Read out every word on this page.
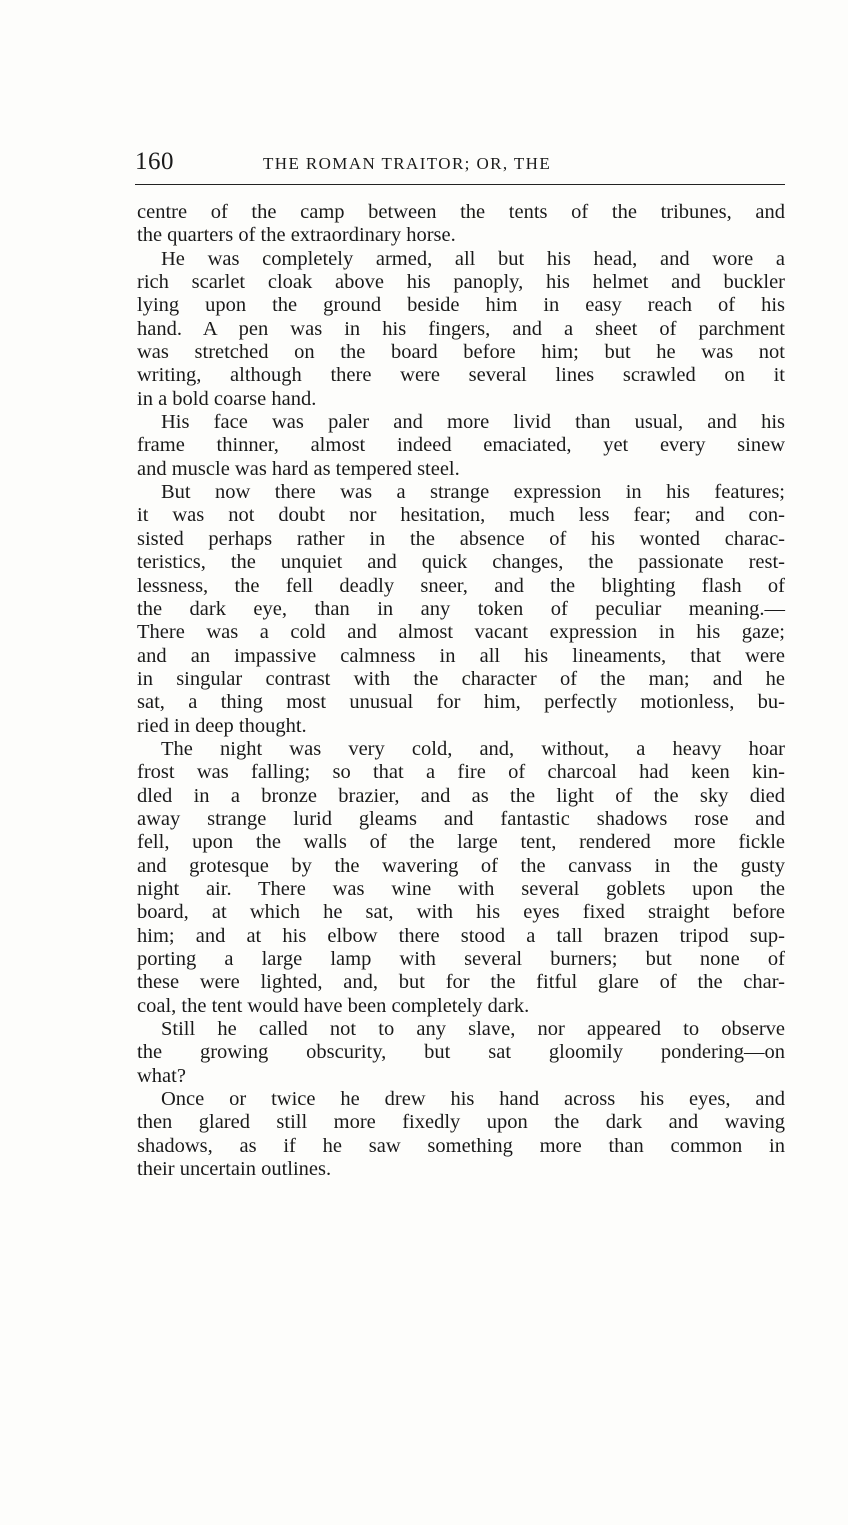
160	THE ROMAN TRAITOR; OR, THE
centre of the camp between the tents of the tribunes, and
the quarters of the extraordinary horse.
He was completely armed, all but his head, and wore a
rich scarlet cloak above his panoply, his helmet and buckler
lying upon the ground beside him in easy reach of his
hand. A pen was in his fingers, and a sheet of parchment
was stretched on the board before him; but he was not
writing, although there were several lines scrawled on it
in a bold coarse hand.
His face was paler and more livid than usual, and his
frame thinner, almost indeed emaciated, yet every sinew
and muscle was hard as tempered steel.
But now there was a strange expression in his features;
it was not doubt nor hesitation, much less fear; and con-
sisted perhaps rather in the absence of his wonted charac-
teristics, the unquiet and quick changes, the passionate rest-
lessness, the fell deadly sneer, and the blighting flash of
the dark eye, than in any token of peculiar meaning.—
There was a cold and almost vacant expression in his gaze;
and an impassive calmness in all his lineaments, that were
in singular contrast with the character of the man; and he
sat, a thing most unusual for him, perfectly motionless, bu-
ried in deep thought.
The night was very cold, and, without, a heavy hoar
frost was falling; so that a fire of charcoal had keen kin-
dled in a bronze brazier, and as the light of the sky died
away strange lurid gleams and fantastic shadows rose and
fell, upon the walls of the large tent, rendered more fickle
and grotesque by the wavering of the canvass in the gusty
night air. There was wine with several goblets upon the
board, at which he sat, with his eyes fixed straight before
him; and at his elbow there stood a tall brazen tripod sup-
porting a large lamp with several burners; but none of
these were lighted, and, but for the fitful glare of the char-
coal, the tent would have been completely dark.
Still he called not to any slave, nor appeared to observe
the growing obscurity, but sat gloomily pondering—on
what?
Once or twice he drew his hand across his eyes, and
then glared still more fixedly upon the dark and waving
shadows, as if he saw something more than common in
their uncertain outlines.
